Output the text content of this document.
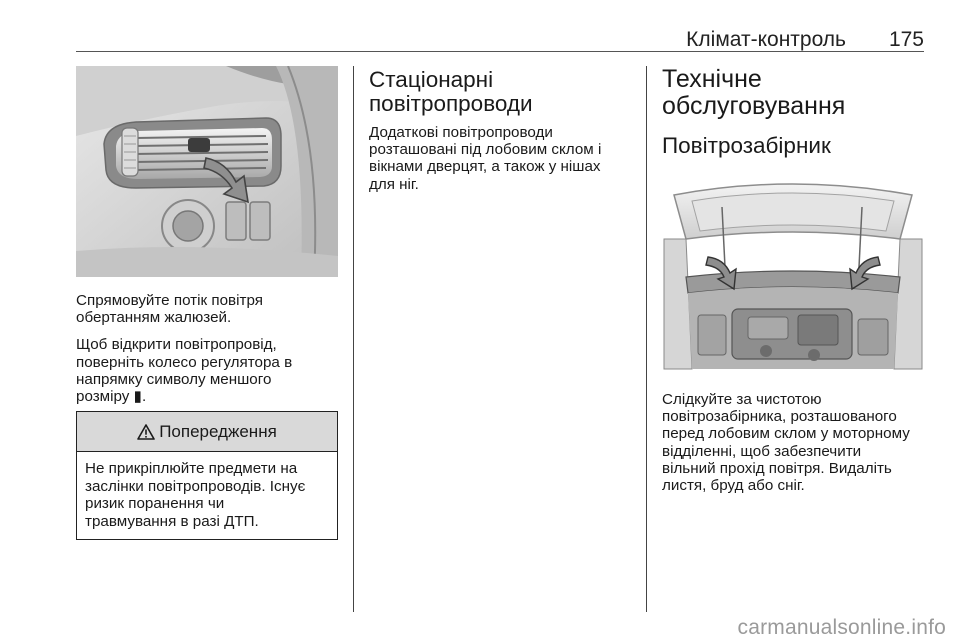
Клімат-контроль 175

Спрямовуйте потік повітря
обертанням жалюзей.

Щоб відкрити повітропровід,
поверніть колесо регулятора в
напрямку символу меншого
розміру ▮.

Попередження

Не прикріплюйте предмети на
заслінки повітропроводів. Існує
ризик поранення чи
травмування в разі ДТП.

Стаціонарні
повітропроводи

Додаткові повітропроводи
розташовані під лобовим склом і
вікнами дверцят, а також у нішах
для ніг.

Технічне
обслуговування
Повітрозабірник

Слідкуйте за чистотою
повітрозабірника, розташованого
перед лобовим склом у моторному
відділенні, щоб забезпечити
вільний прохід повітря. Видаліть
листя, бруд або сніг.

carmanualsonline.info
